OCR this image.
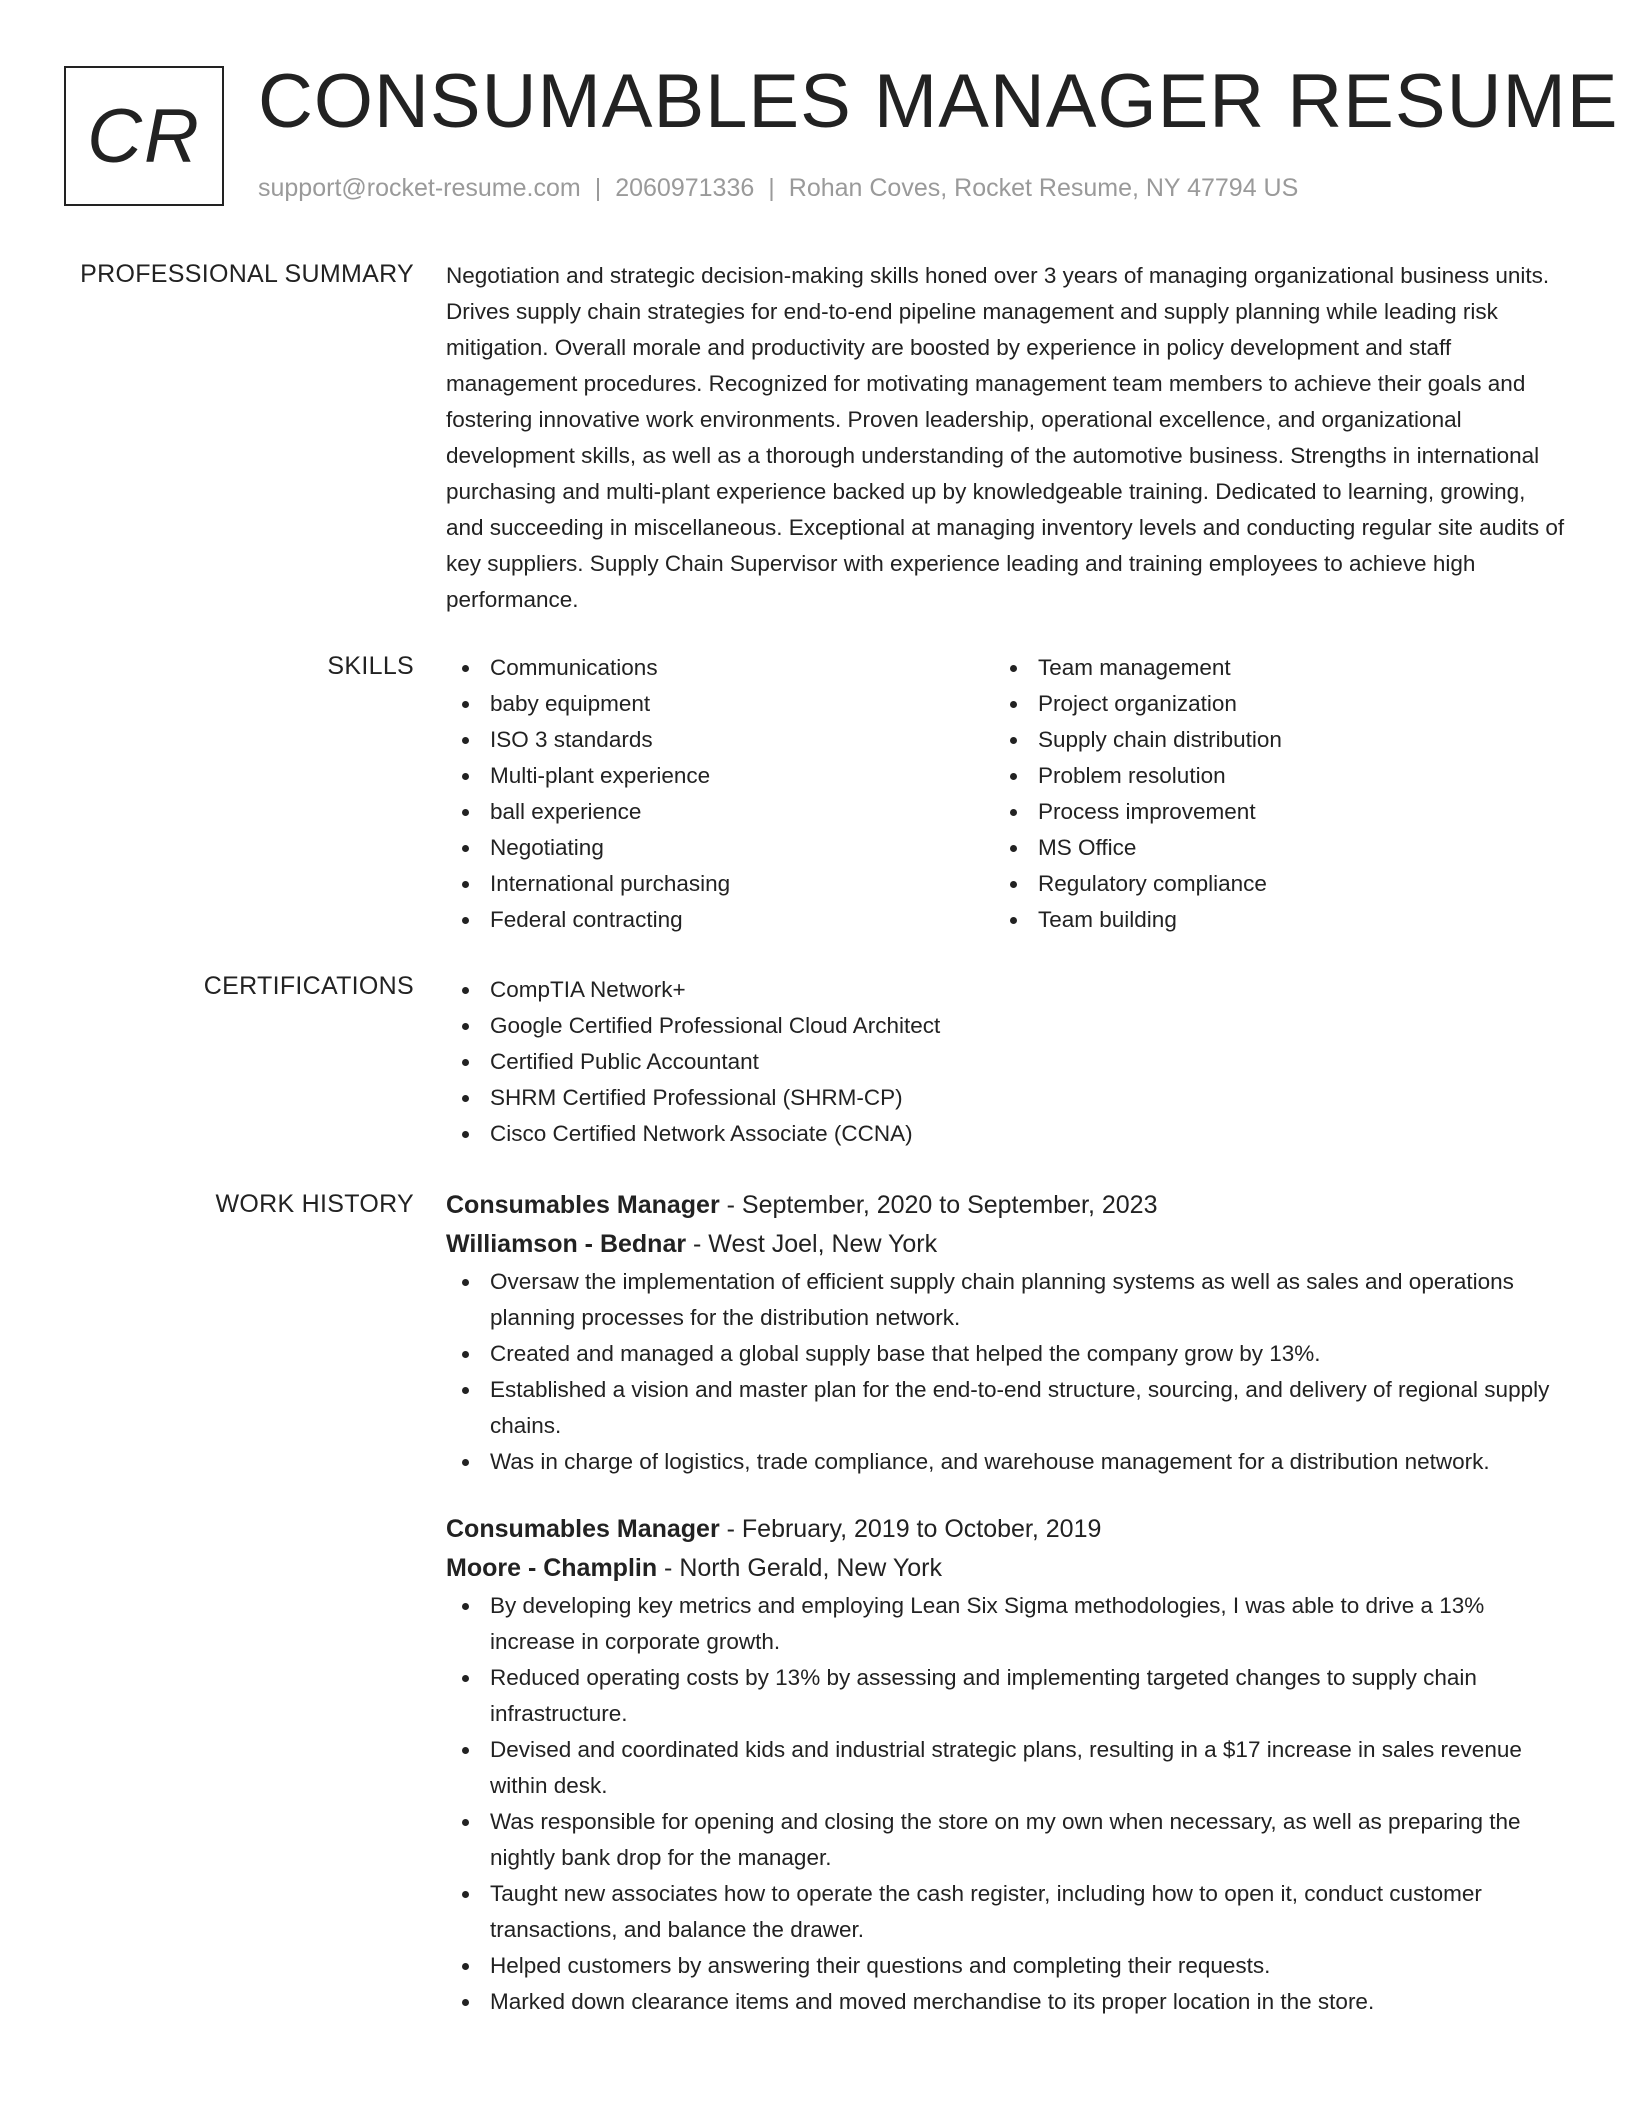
CR CONSUMABLES MANAGER RESUME
support@rocket-resume.com | 2060971336 | Rohan Coves, Rocket Resume, NY 47794 US
PROFESSIONAL SUMMARY Negotiation and strategic decision-making skills honed over 3 years of managing organizational business units. Drives supply chain strategies for end-to-end pipeline management and supply planning while leading risk mitigation. Overall morale and productivity are boosted by experience in policy development and staff management procedures. Recognized for motivating management team members to achieve their goals and fostering innovative work environments. Proven leadership, operational excellence, and organizational development skills, as well as a thorough understanding of the automotive business. Strengths in international purchasing and multi-plant experience backed up by knowledgeable training. Dedicated to learning, growing, and succeeding in miscellaneous. Exceptional at managing inventory levels and conducting regular site audits of key suppliers. Supply Chain Supervisor with experience leading and training employees to achieve high performance.

SKILLS	Communications
baby equipment
ISO 3 standards
Multi-plant experience
ball experience
Negotiating
International purchasing
Federal contracting
Team management
Project organization
Supply chain distribution
Problem resolution
Process improvement
MS Office
Regulatory compliance
Team building
CERTIFICATIONS	CompTIA Network+
Google Certified Professional Cloud Architect
Certified Public Accountant
SHRM Certified Professional (SHRM-CP)
Cisco Certified Network Associate (CCNA)
WORK HISTORY Consumables Manager - September, 2020 to September, 2023
Williamson - Bednar - West Joel, New York
Oversaw the implementation of efficient supply chain planning systems as well as sales and operations planning processes for the distribution network.
Created and managed a global supply base that helped the company grow by 13%.
Established a vision and master plan for the end-to-end structure, sourcing, and delivery of regional supply chains.
Was in charge of logistics, trade compliance, and warehouse management for a distribution network.
Consumables Manager - February, 2019 to October, 2019
Moore - Champlin - North Gerald, New York
By developing key metrics and employing Lean Six Sigma methodologies, I was able to drive a 13% increase in corporate growth.
Reduced operating costs by 13% by assessing and implementing targeted changes to supply chain infrastructure.
Devised and coordinated kids and industrial strategic plans, resulting in a $17 increase in sales revenue within desk.
Was responsible for opening and closing the store on my own when necessary, as well as preparing the nightly bank drop for the manager.
Taught new associates how to operate the cash register, including how to open it, conduct customer transactions, and balance the drawer.
Helped customers by answering their questions and completing their requests.
Marked down clearance items and moved merchandise to its proper location in the store.
